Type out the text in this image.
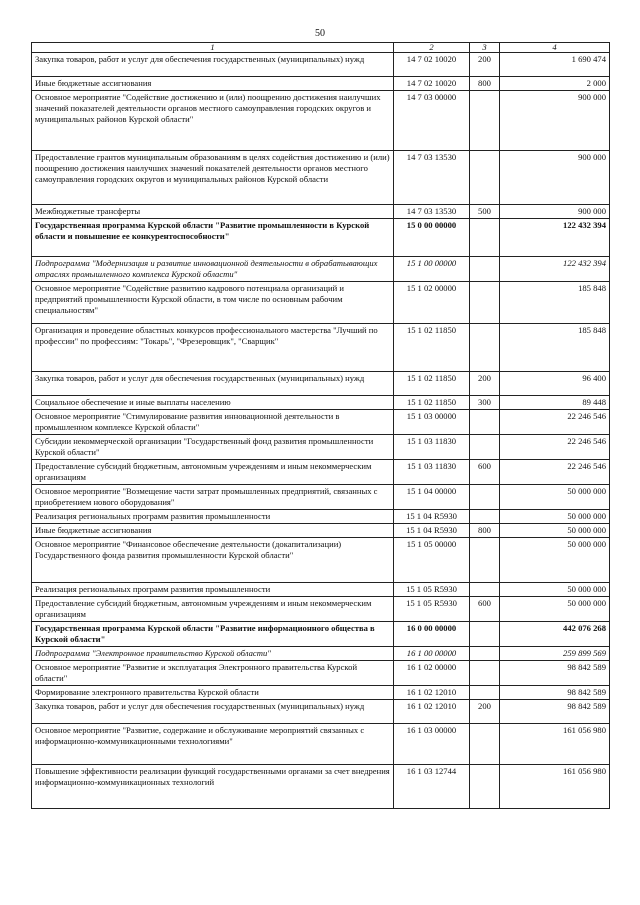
50
1	2	3	4
Закупка товаров, работ и услуг для обеспечения государственных (муниципальных) нужд	14 7 02 10020	200	1 690 474
Иные бюджетные ассигнования	14 7 02 10020	800	2 000
Основное мероприятие "Содействие достижению и (или) поощрению достижения наилучших значений показателей деятельности органов местного самоуправления городских округов и муниципальных районов Курской области"	14 7 03 00000		900 000
Предоставление грантов муниципальным образованиям в целях содействия достижению и (или) поощрению достижения наилучших значений показателей деятельности органов местного самоуправления городских округов и муниципальных районов Курской области	14 7 03 13530		900 000
Межбюджетные трансферты	14 7 03 13530	500	900 000
Государственная программа Курской области "Развитие промышленности в Курской области и повышение ее конкурентоспособности"	15 0 00 00000		122 432 394
Подпрограмма "Модернизация и развитие инновационной деятельности в обрабатывающих отраслях промышленного комплекса Курской области"	15 1 00 00000		122 432 394
Основное мероприятие "Содействие развитию кадрового потенциала организаций и предприятий промышленности Курской области, в том числе по основным рабочим специальностям"	15 1 02 00000		185 848
Организация и проведение областных конкурсов профессионального мастерства "Лучший по профессии" по профессиям: "Токарь", "Фрезеровщик", "Сварщик"	15 1 02 11850		185 848
Закупка товаров, работ и услуг для обеспечения государственных (муниципальных) нужд	15 1 02 11850	200	96 400
Социальное обеспечение и иные выплаты населению	15 1 02 11850	300	89 448
Основное мероприятие "Стимулирование развития инновационной деятельности в промышленном комплексе Курской области"	15 1 03 00000		22 246 546
Субсидии некоммерческой организации "Государственный фонд развития промышленности Курской области"	15 1 03 11830		22 246 546
Предоставление субсидий бюджетным, автономным учреждениям и иным некоммерческим организациям	15 1 03 11830	600	22 246 546
Основное мероприятие "Возмещение части затрат промышленных предприятий, связанных с приобретением нового оборудования"	15 1 04 00000		50 000 000
Реализация региональных программ развития промышленности	15 1 04 R5930		50 000 000
Иные бюджетные ассигнования	15 1 04 R5930	800	50 000 000
Основное мероприятие "Финансовое обеспечение деятельности (докапитализации) Государственного фонда развития промышленности Курской области"	15 1 05 00000		50 000 000
Реализация региональных программ развития промышленности	15 1 05 R5930		50 000 000
Предоставление субсидий бюджетным, автономным учреждениям и иным некоммерческим организациям	15 1 05 R5930	600	50 000 000
Государственная программа Курской области "Развитие информационного общества в Курской области"	16 0 00 00000		442 076 268
Подпрограмма "Электронное правительство Курской области"	16 1 00 00000		259 899 569
Основное мероприятие "Развитие и эксплуатация Электронного правительства Курской области"	16 1 02 00000		98 842 589
Формирование электронного правительства Курской области	16 1 02 12010		98 842 589
Закупка товаров, работ и услуг для обеспечения государственных (муниципальных) нужд	16 1 02 12010	200	98 842 589
Основное мероприятие "Развитие, содержание и обслуживание мероприятий связанных с информационно-коммуникационными технологиями"	16 1 03 00000		161 056 980
Повышение эффективности реализации функций государственными органами за счет внедрения информационно-коммуникационных технологий	16 1 03 12744		161 056 980
